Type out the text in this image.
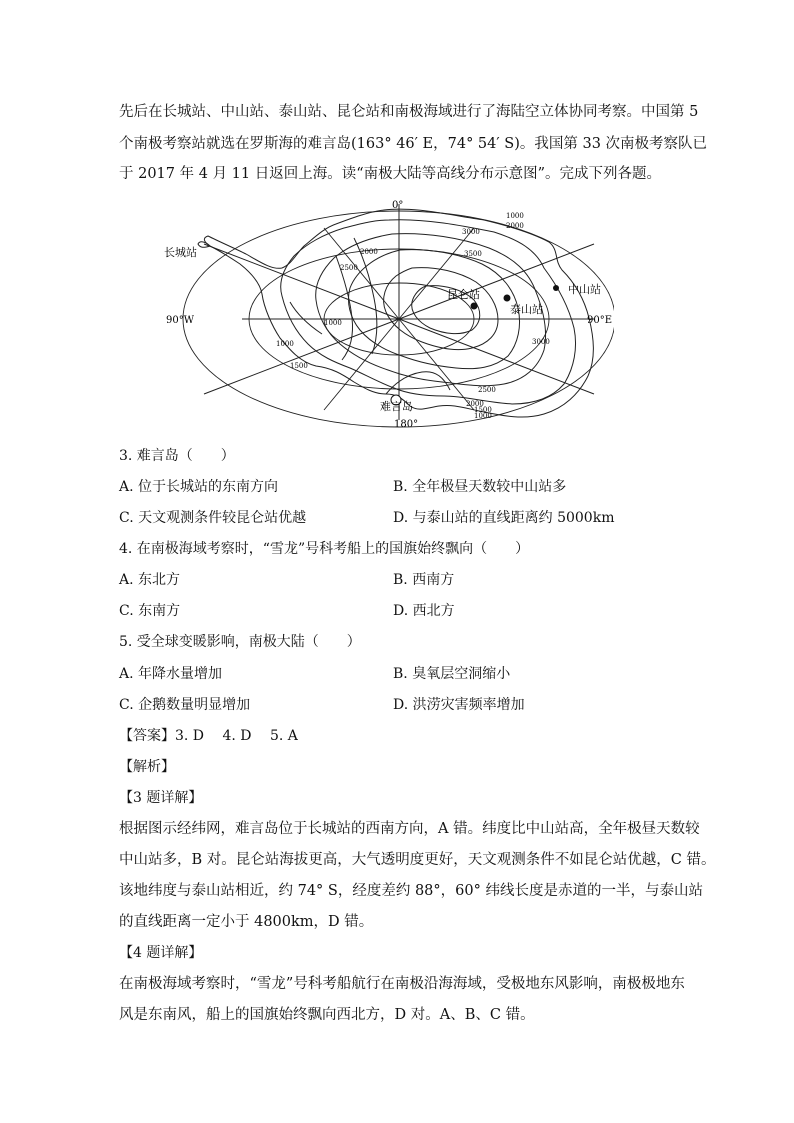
先后在长城站、中山站、泰山站、昆仑站和南极海域进行了海陆空立体协同考察。中国第 5
个南极考察站就选在罗斯海的难言岛(163° 46′ E，74° 54′ S)。我国第 33 次南极考察队已
于 2017 年 4 月 11 日返回上海。读“南极大陆等高线分布示意图”。完成下列各题。
0°
180°
90°W	90°E
长城站
中山站
泰山站
昆仑站
难言岛
1000
2000
3000
3500
2500
2000
1500
1000
3000
1000
1000
1500
2000
2500
3. 难言岛（　　）
A. 位于长城站的东南方向	B. 全年极昼天数较中山站多
C. 天文观测条件较昆仑站优越	D. 与泰山站的直线距离约 5000km
4. 在南极海域考察时，“雪龙”号科考船上的国旗始终飘向（　　）
A. 东北方	B. 西南方
C. 东南方	D. 西北方
5. 受全球变暖影响，南极大陆（　　）
A. 年降水量增加	B. 臭氧层空洞缩小
C. 企鹅数量明显增加	D. 洪涝灾害频率增加
【答案】3. D　 4. D　 5. A
【解析】
【3 题详解】
根据图示经纬网，难言岛位于长城站的西南方向，A 错。纬度比中山站高，全年极昼天数较
中山站多，B 对。昆仑站海拔更高，大气透明度更好，天文观测条件不如昆仑站优越，C 错。
该地纬度与泰山站相近，约 74° S，经度差约 88°，60° 纬线长度是赤道的一半，与泰山站
的直线距离一定小于 4800km，D 错。
【4 题详解】
在南极海域考察时，“雪龙”号科考船航行在南极沿海海域，受极地东风影响，南极极地东
风是东南风，船上的国旗始终飘向西北方，D 对。A、B、C 错。
